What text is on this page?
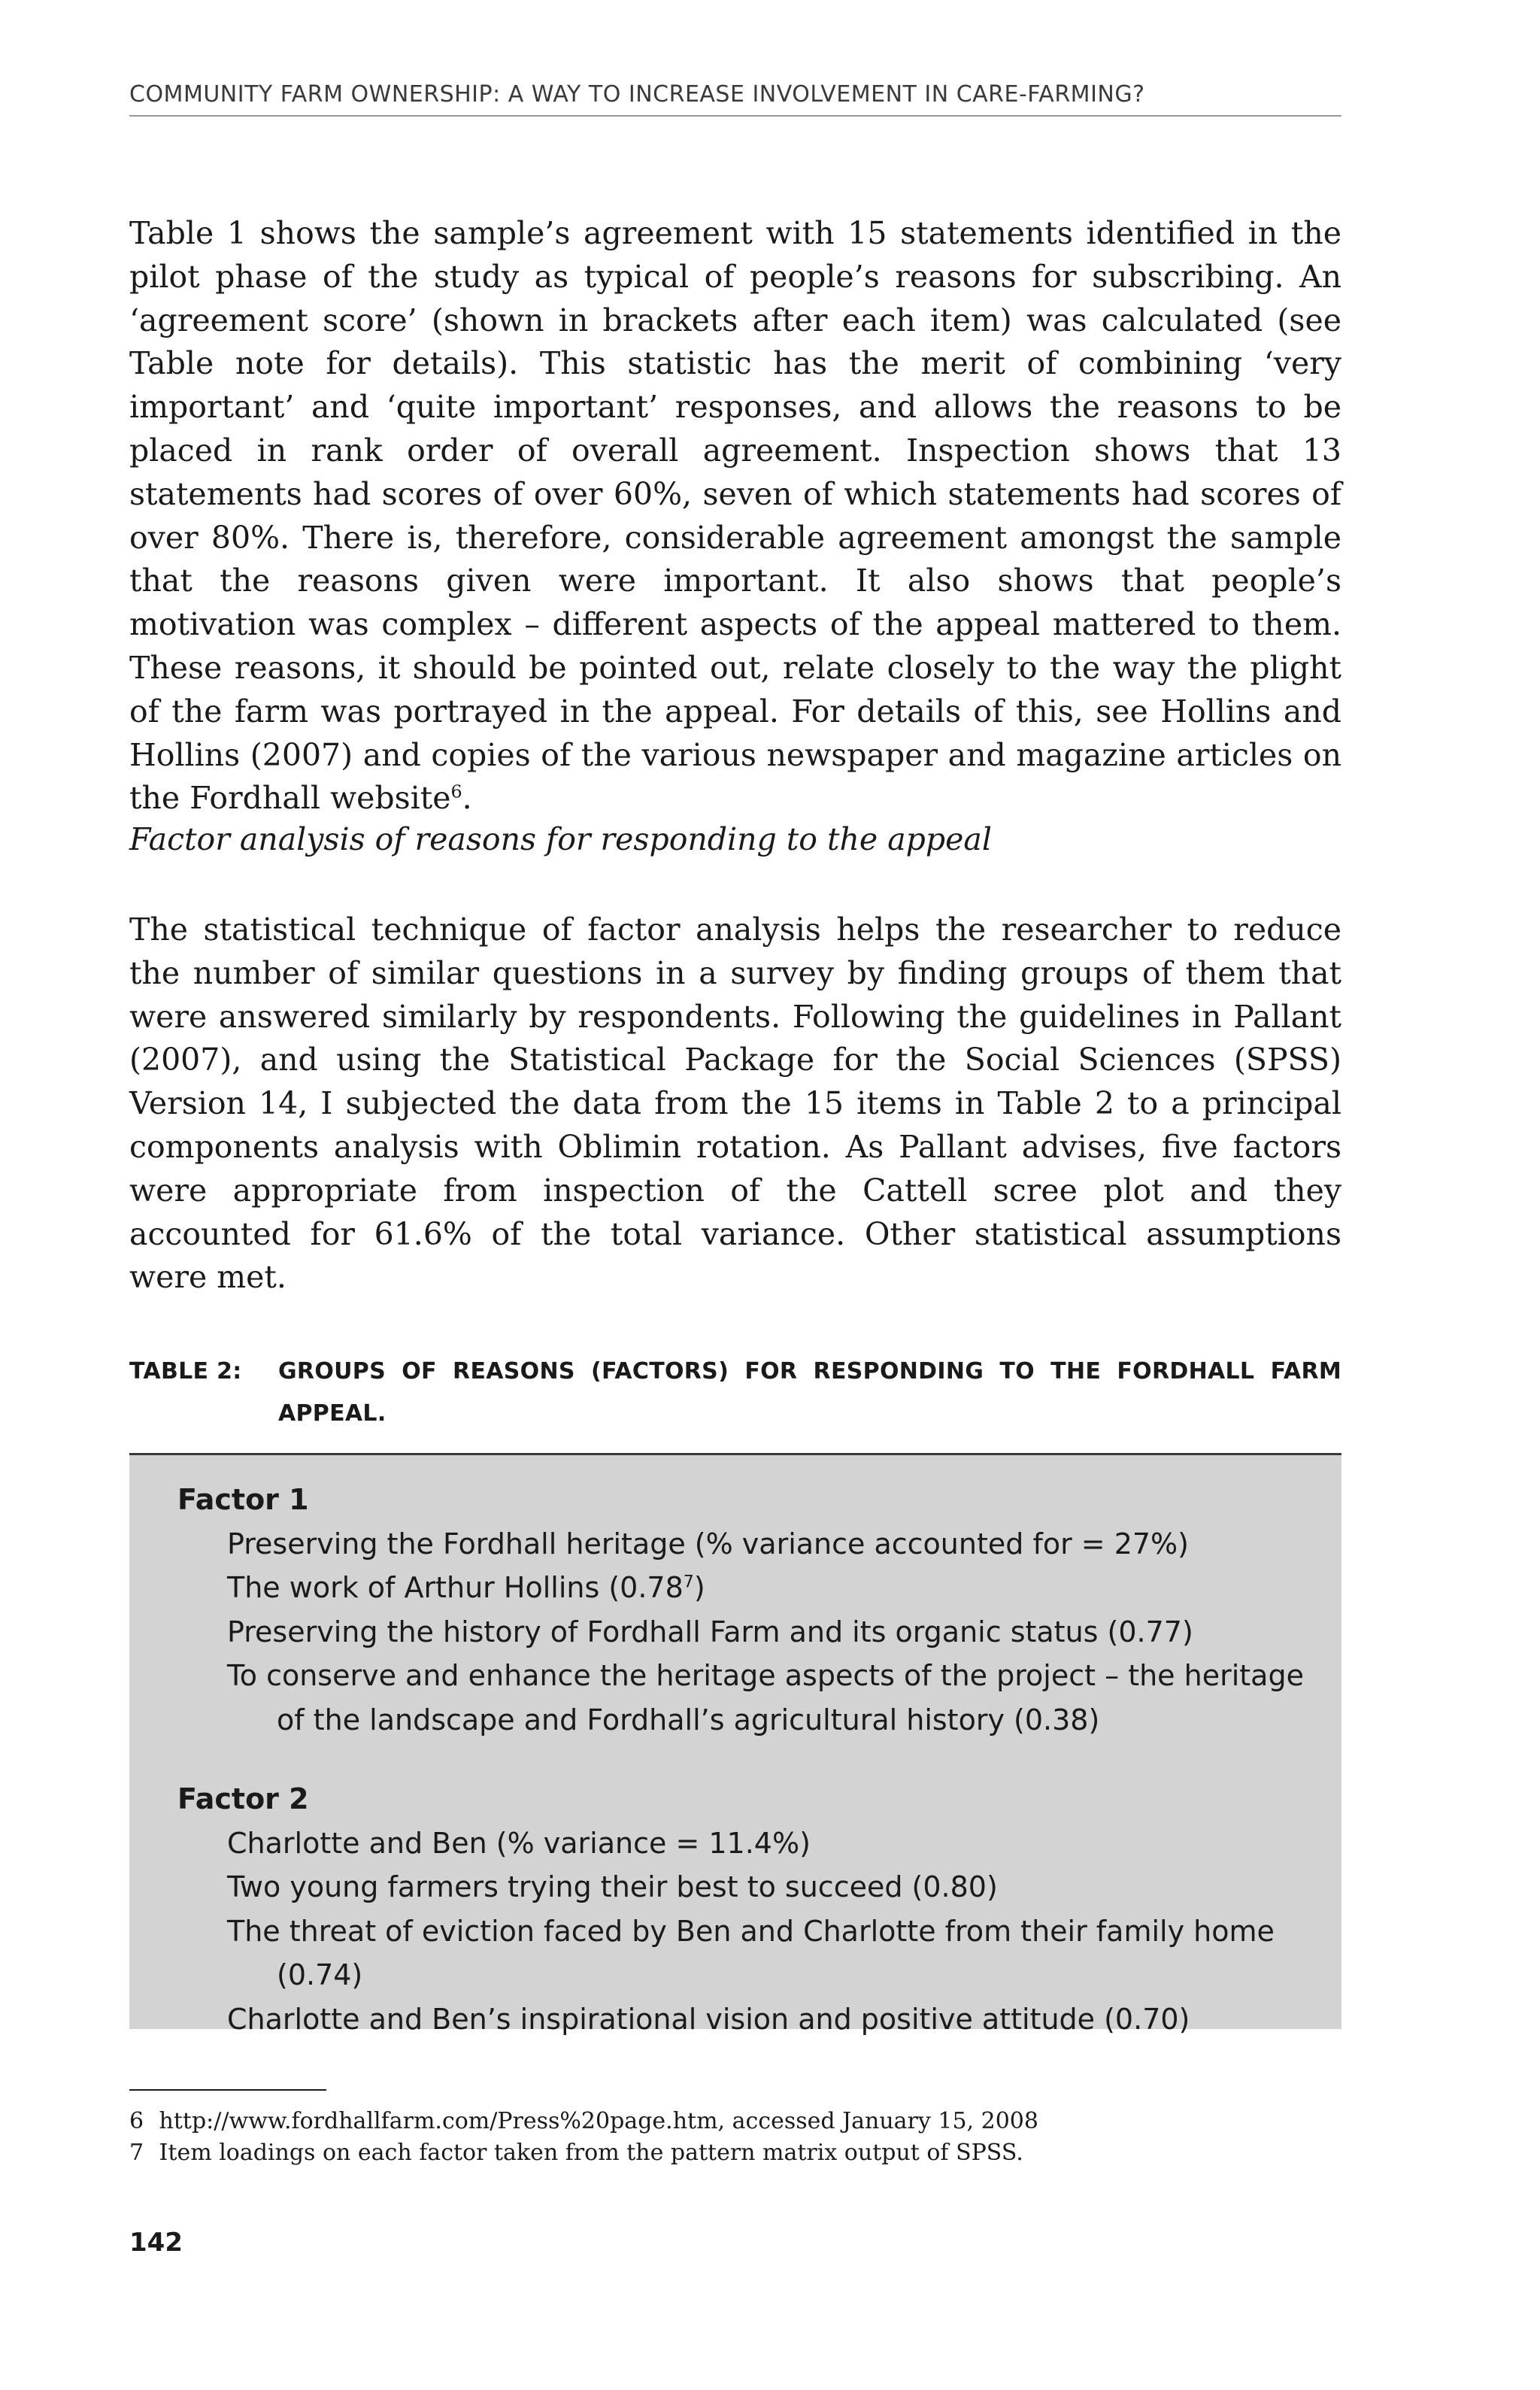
COMMUNITY FARM OWNERSHIP: A WAY TO INCREASE INVOLVEMENT IN CARE-FARMING?

Table 1 shows the sample’s agreement with 15 statements identified in the pilot phase of the study as typical of people’s reasons for subscribing. An ‘agreement score’ (shown in brackets after each item) was calculated (see Table note for details). This statistic has the merit of combining ‘very important’ and ‘quite important’ responses, and allows the reasons to be placed in rank order of overall agreement. Inspection shows that 13 statements had scores of over 60%, seven of which statements had scores of over 80%. There is, therefore, considerable agreement amongst the sample that the reasons given were important. It also shows that people’s motivation was complex – different aspects of the appeal mattered to them. These reasons, it should be pointed out, relate closely to the way the plight of the farm was portrayed in the appeal. For details of this, see Hollins and Hollins (2007) and copies of the various newspaper and magazine articles on the Fordhall website$^6$.

Factor analysis of reasons for responding to the appeal

The statistical technique of factor analysis helps the researcher to reduce the number of similar questions in a survey by finding groups of them that were answered similarly by respondents. Following the guidelines in Pallant (2007), and using the Statistical Package for the Social Sciences (SPSS) Version 14, I subjected the data from the 15 items in Table 2 to a principal components analysis with Oblimin rotation. As Pallant advises, five factors were appropriate from inspection of the Cattell scree plot and they accounted for 61.6% of the total variance. Other statistical assumptions were met.

TABLE 2:	GROUPS OF REASONS (FACTORS) FOR RESPONDING TO THE FORDHALL FARM APPEAL.

Factor 1

Preserving the Fordhall heritage (% variance accounted for = 27%)
The work of Arthur Hollins (0.78$^7$)
Preserving the history of Fordhall Farm and its organic status (0.77)
To conserve and enhance the heritage aspects of the project – the heritage of the landscape and Fordhall’s agricultural history (0.38)

Factor 2

Charlotte and Ben (% variance = 11.4%)
Two young farmers trying their best to succeed (0.80)
The threat of eviction faced by Ben and Charlotte from their family home (0.74)
Charlotte and Ben’s inspirational vision and positive attitude (0.70)

6 http://www.fordhallfarm.com/Press%20page.htm, accessed January 15, 2008

7 Item loadings on each factor taken from the pattern matrix output of SPSS.

142
